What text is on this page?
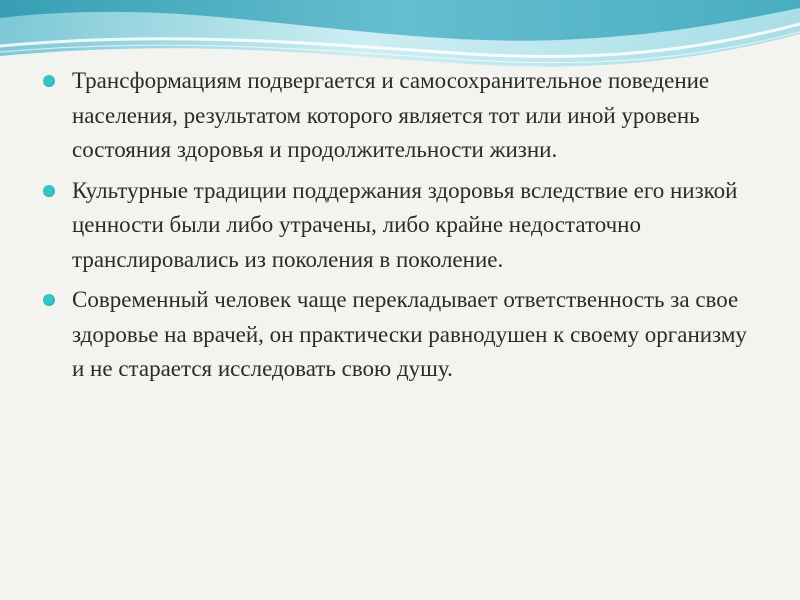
Трансформациям подвергается и самосохранительное поведение населения, результатом которого является тот или иной уровень состояния здоровья и продолжительности жизни.
Культурные традиции поддержания здоровья вследствие его низкой ценности были либо утрачены, либо крайне недостаточно транслировались из поколения в поколение.
Современный человек чаще перекладывает ответственность за свое здоровье на врачей, он практически равнодушен к своему организму и не старается исследовать свою душу.
